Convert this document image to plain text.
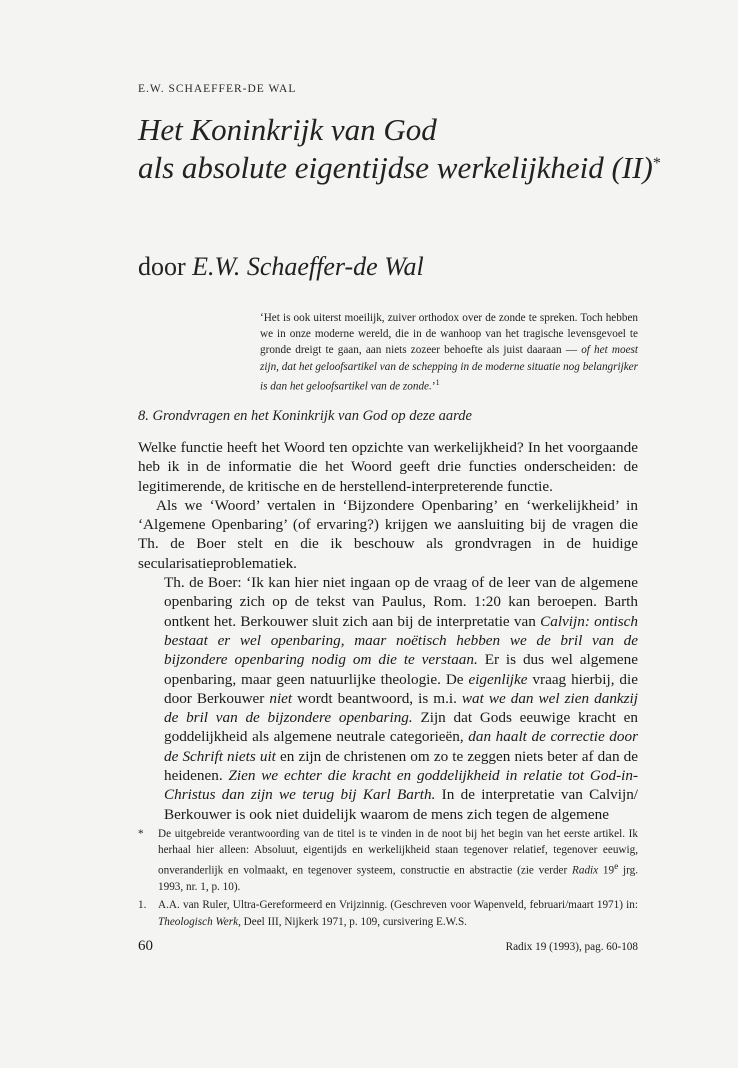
E.W. SCHAEFFER-DE WAL
Het Koninkrijk van God
als absolute eigentijdse werkelijkheid (II)*
door E.W. Schaeffer-de Wal

‘Het is ook uiterst moeilijk, zuiver orthodox over de zonde te spreken. Toch hebben we in onze moderne wereld, die in de wanhoop van het tragische levensgevoel te gronde dreigt te gaan, aan niets zozeer behoefte als juist daaraan — of het moest zijn, dat het geloofsartikel van de schepping in de moderne situatie nog belangrijker is dan het geloofsartikel van de zonde.’$^1$

8. Grondvragen en het Koninkrijk van God op deze aarde

Welke functie heeft het Woord ten opzichte van werkelijkheid? In het voorgaande heb ik in de informatie die het Woord geeft drie functies onderscheiden: de legitimerende, de kritische en de herstellend-interpreterende functie.

Als we ‘Woord’ vertalen in ‘Bijzondere Openbaring’ en ‘werkelijkheid’ in ‘Algemene Openbaring’ (of ervaring?) krijgen we aansluiting bij de vragen die Th. de Boer stelt en die ik beschouw als grondvragen in de huidige secularisatieproblematiek.

Th. de Boer: ‘Ik kan hier niet ingaan op de vraag of de leer van de algemene openbaring zich op de tekst van Paulus, Rom. 1:20 kan beroepen. Barth ontkent het. Berkouwer sluit zich aan bij de interpretatie van Calvijn: ontisch bestaat er wel openbaring, maar noëtisch hebben we de bril van de bijzondere openbaring nodig om die te verstaan. Er is dus wel algemene openbaring, maar geen natuurlijke theologie. De eigenlijke vraag hierbij, die door Berkouwer niet wordt beantwoord, is m.i. wat we dan wel zien dankzij de bril van de bijzondere openbaring. Zijn dat Gods eeuwige kracht en goddelijkheid als algemene neutrale categorieën, dan haalt de correctie door de Schrift niets uit en zijn de christenen om zo te zeggen niets beter af dan de heidenen. Zien we echter die kracht en goddelijkheid in relatie tot God-in-Christus dan zijn we terug bij Karl Barth. In de interpretatie van Calvijn/ Berkouwer is ook niet duidelijk waarom de mens zich tegen de algemene

*	De uitgebreide verantwoording van de titel is te vinden in de noot bij het begin van het eerste artikel. Ik herhaal hier alleen: Absoluut, eigentijds en werkelijkheid staan tegenover relatief, tegenover eeuwig, onveranderlijk en volmaakt, en tegenover systeem, constructie en abstractie (zie verder Radix 19e jrg. 1993, nr. 1, p. 10).
1.	A.A. van Ruler, Ultra-Gereformeerd en Vrijzinnig. (Geschreven voor Wapenveld, februari/maart 1971) in: Theologisch Werk, Deel III, Nijkerk 1971, p. 109, cursivering E.W.S.
60	Radix 19 (1993), pag. 60-108
